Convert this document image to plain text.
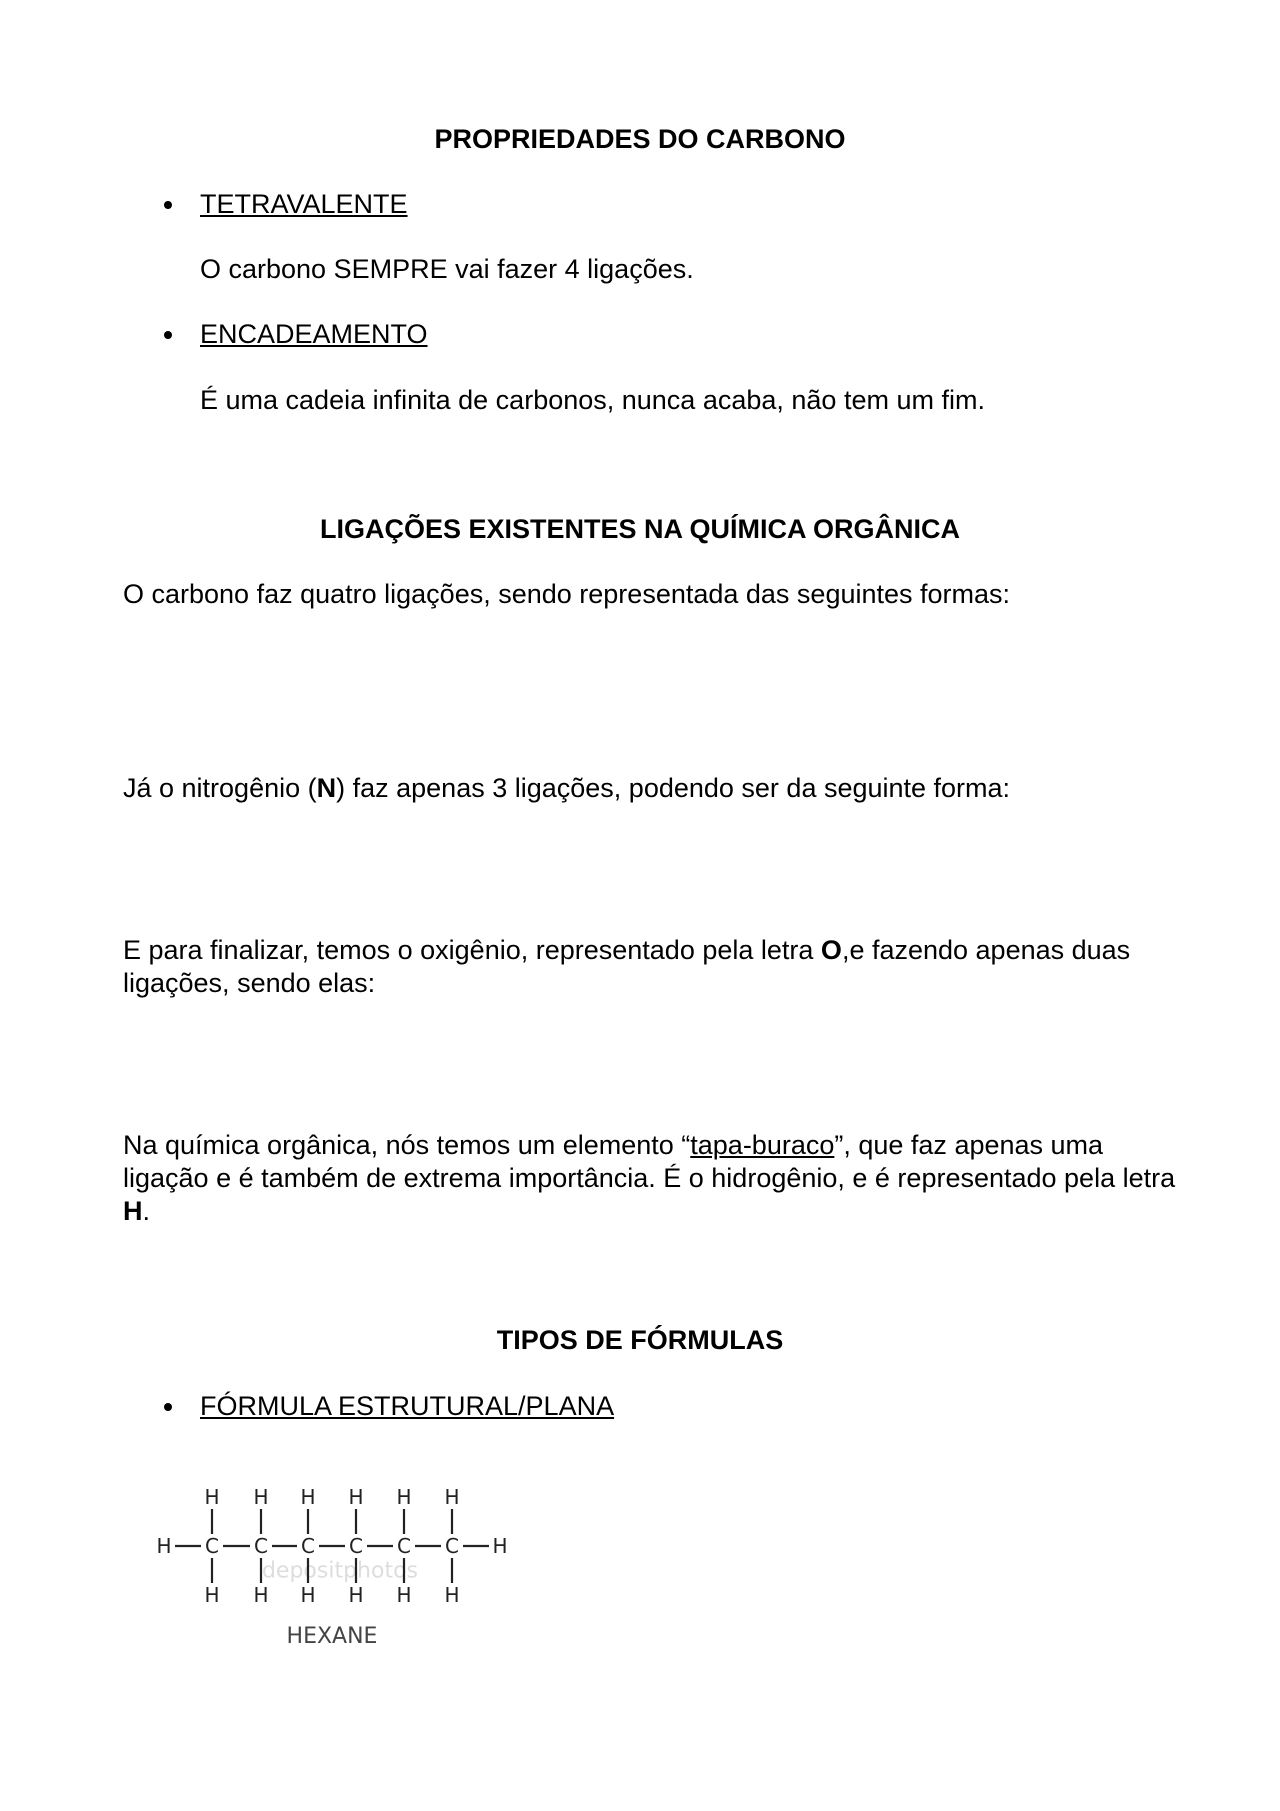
PROPRIEDADES DO CARBONO
TETRAVALENTE
O carbono SEMPRE vai fazer 4 ligações.
ENCADEAMENTO
É uma cadeia infinita de carbonos, nunca acaba, não tem um fim.
LIGAÇÕES EXISTENTES NA QUÍMICA ORGÂNICA
O carbono faz quatro ligações, sendo representada das seguintes formas:
Já o nitrogênio (N) faz apenas 3 ligações, podendo ser da seguinte forma:
E para finalizar, temos o oxigênio, representado pela letra O,e fazendo apenas duas ligações, sendo elas:
Na química orgânica, nós temos um elemento “tapa-buraco”, que faz apenas uma ligação e é também de extrema importância. É o hidrogênio, e é representado pela letra H.
TIPOS DE FÓRMULAS
FÓRMULA ESTRUTURAL/PLANA
depositphotos
H
C
H
H
C
H
H
C
H
H
C
H
H
C
H
H
C
H
H	H
HEXANE
